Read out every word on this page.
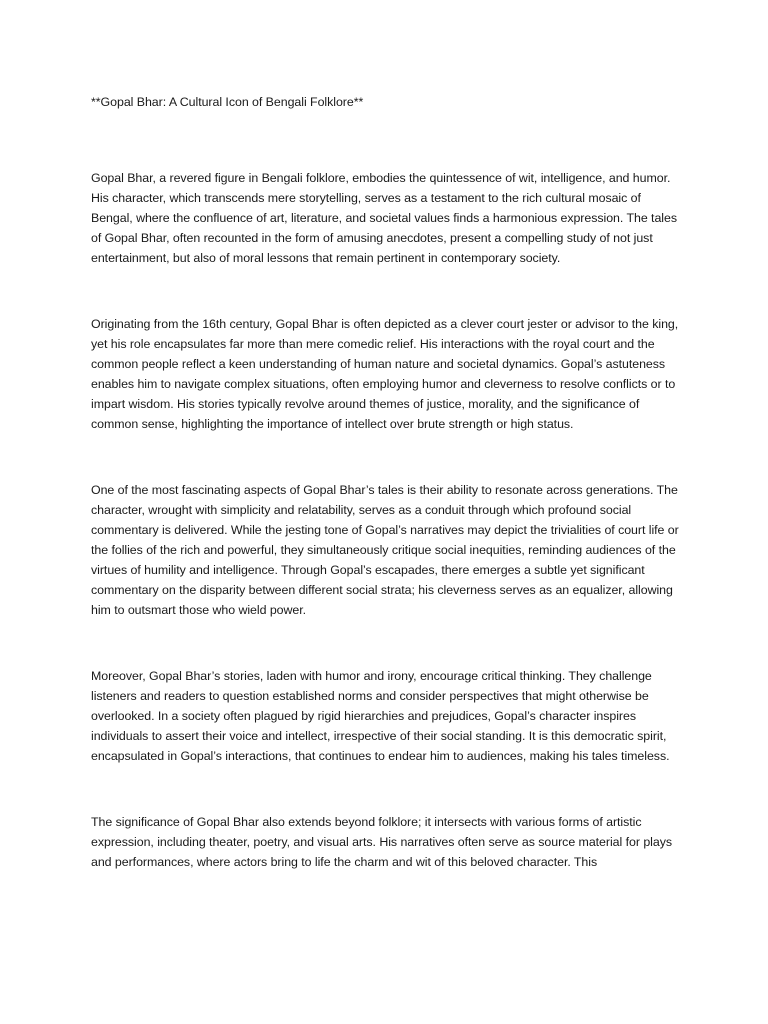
**Gopal Bhar: A Cultural Icon of Bengali Folklore**

Gopal Bhar, a revered figure in Bengali folklore, embodies the quintessence of wit, intelligence, and humor. His character, which transcends mere storytelling, serves as a testament to the rich cultural mosaic of Bengal, where the confluence of art, literature, and societal values finds a harmonious expression. The tales of Gopal Bhar, often recounted in the form of amusing anecdotes, present a compelling study of not just entertainment, but also of moral lessons that remain pertinent in contemporary society.

Originating from the 16th century, Gopal Bhar is often depicted as a clever court jester or advisor to the king, yet his role encapsulates far more than mere comedic relief. His interactions with the royal court and the common people reflect a keen understanding of human nature and societal dynamics. Gopal’s astuteness enables him to navigate complex situations, often employing humor and cleverness to resolve conflicts or to impart wisdom. His stories typically revolve around themes of justice, morality, and the significance of common sense, highlighting the importance of intellect over brute strength or high status.

One of the most fascinating aspects of Gopal Bhar’s tales is their ability to resonate across generations. The character, wrought with simplicity and relatability, serves as a conduit through which profound social commentary is delivered. While the jesting tone of Gopal’s narratives may depict the trivialities of court life or the follies of the rich and powerful, they simultaneously critique social inequities, reminding audiences of the virtues of humility and intelligence. Through Gopal’s escapades, there emerges a subtle yet significant commentary on the disparity between different social strata; his cleverness serves as an equalizer, allowing him to outsmart those who wield power.

Moreover, Gopal Bhar’s stories, laden with humor and irony, encourage critical thinking. They challenge listeners and readers to question established norms and consider perspectives that might otherwise be overlooked. In a society often plagued by rigid hierarchies and prejudices, Gopal’s character inspires individuals to assert their voice and intellect, irrespective of their social standing. It is this democratic spirit, encapsulated in Gopal’s interactions, that continues to endear him to audiences, making his tales timeless.

The significance of Gopal Bhar also extends beyond folklore; it intersects with various forms of artistic expression, including theater, poetry, and visual arts. His narratives often serve as source material for plays and performances, where actors bring to life the charm and wit of this beloved character. This
